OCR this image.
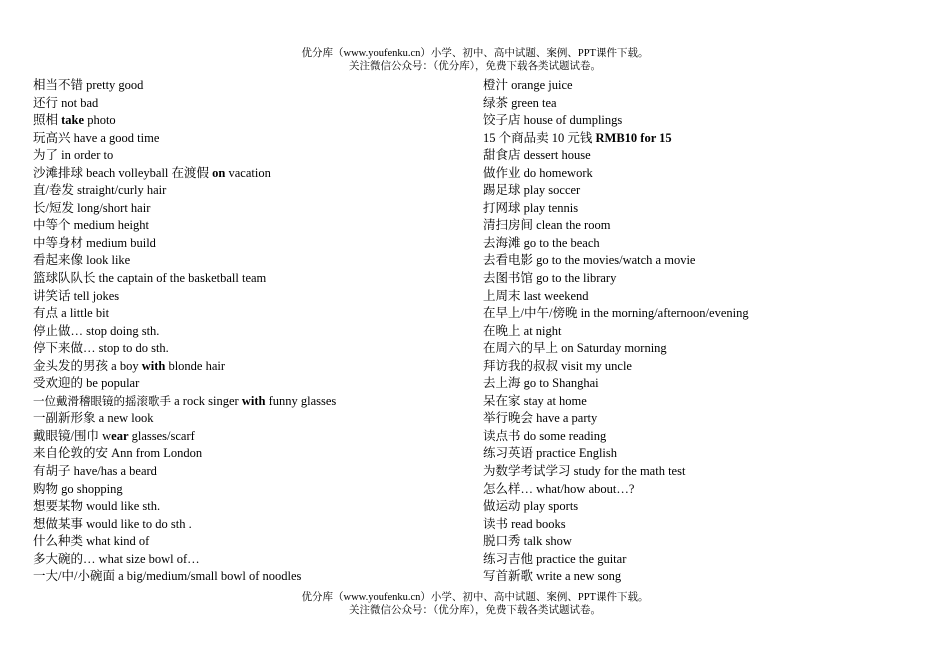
优分库（www.youfenku.cn）小学、初中、高中试题、案例、PPT课件下载。
关注微信公众号：（优分库），免费下载各类试题试卷。
相当不错 pretty good
还行 not bad
照相 take photo
玩高兴 have a good time
为了 in order to
沙滩排球 beach volleyball 在渡假 on vacation
直/卷发 straight/curly hair
长/短发 long/short hair
中等个 medium height
中等身材 medium build
看起来像 look like
篮球队队长 the captain of the basketball team
讲笑话 tell jokes
有点 a little bit
停止做… stop doing sth.
停下来做… stop to do sth.
金头发的男孩 a boy with blonde hair
受欢迎的 be popular
一位戴滑稽眼镜的摇滚歌手 a rock singer with funny glasses
一副新形象 a new look
戴眼镜/围巾 wear glasses/scarf
来自伦敦的安 Ann from London
有胡子 have/has a beard
购物 go shopping
想要某物 would like sth.
想做某事 would like to do sth .
什么种类 what kind of
多大碗的… what size bowl of…
一大/中/小碗面 a big/medium/small bowl of noodles
橙汁 orange juice
绿茶 green tea
饺子店 house of dumplings
15 个商品卖 10 元钱 RMB10 for 15
甜食店 dessert house
做作业 do homework
踢足球 play soccer
打网球 play tennis
清扫房间 clean the room
去海滩 go to the beach
去看电影 go to the movies/watch a movie
去图书馆 go to the library
上周末 last weekend
在早上/中午/傍晚 in the morning/afternoon/evening
在晚上 at night
在周六的早上 on Saturday morning
拜访我的叔叔 visit my uncle
去上海 go to Shanghai
呆在家 stay at home
举行晚会 have a party
读点书 do some reading
练习英语 practice English
为数学考试学习 study for the math test
怎么样… what/how about…?
做运动 play sports
读书 read books
脱口秀 talk show
练习吉他 practice the guitar
写首新歌 write a new song
优分库（www.youfenku.cn）小学、初中、高中试题、案例、PPT课件下载。
关注微信公众号：（优分库），免费下载各类试题试卷。
